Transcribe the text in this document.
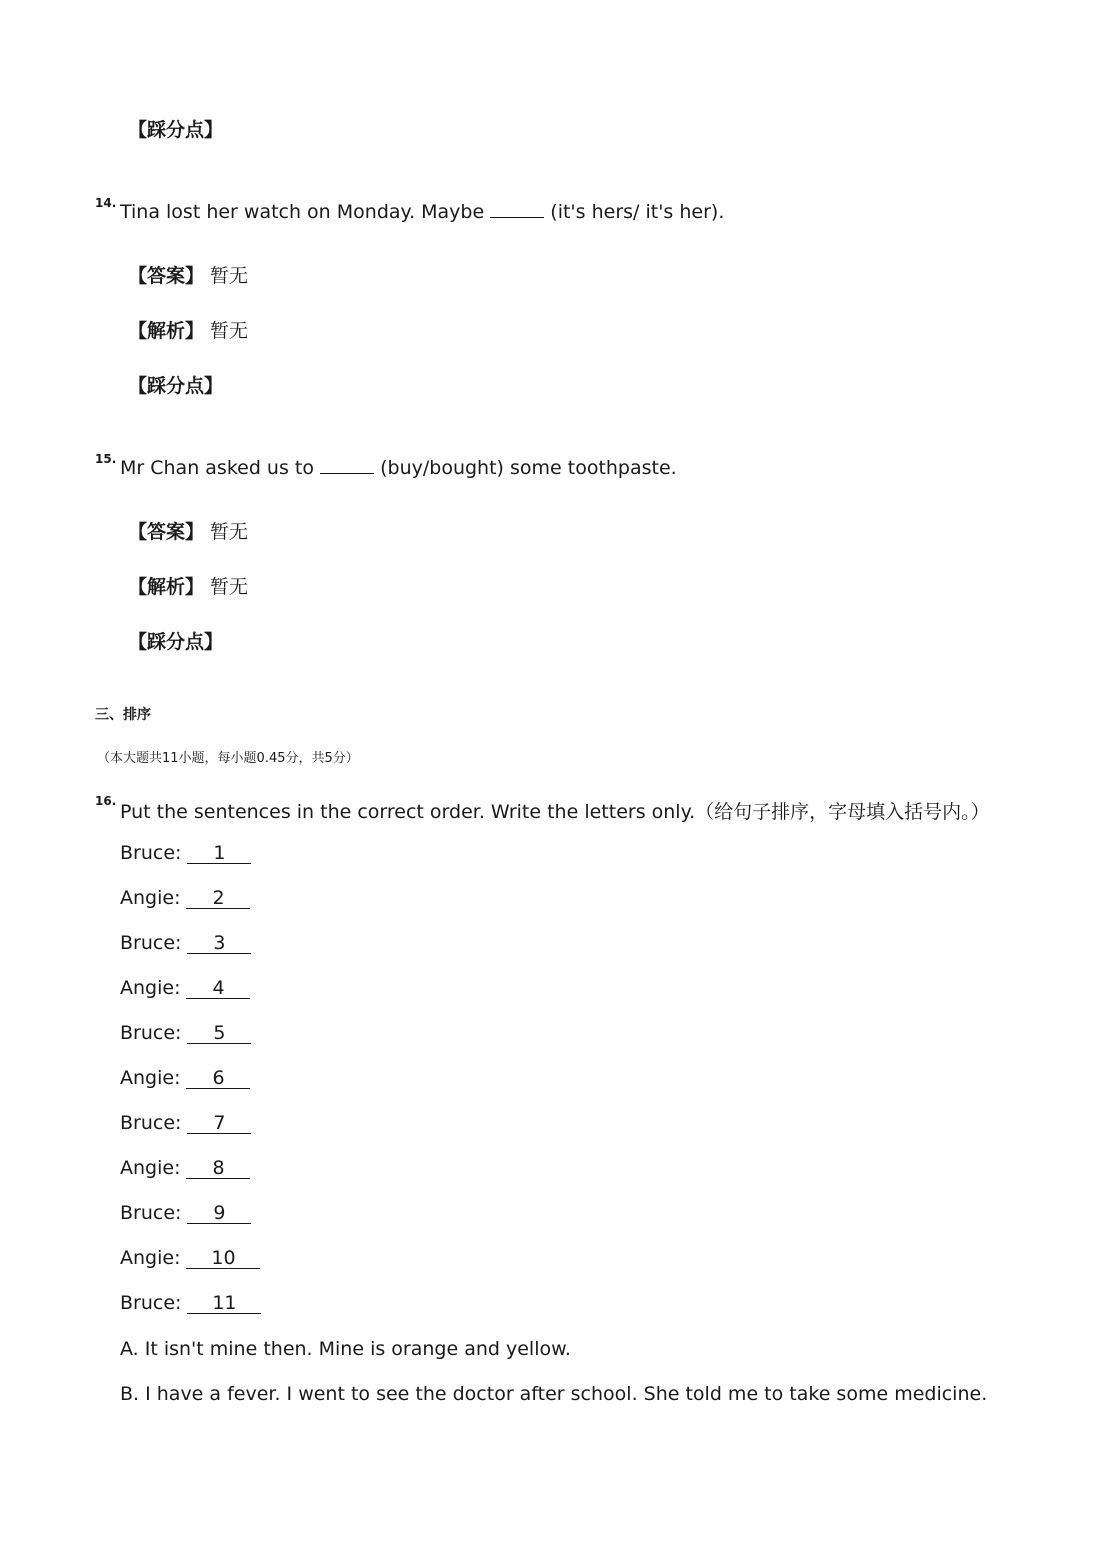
【踩分点】
14. Tina lost her watch on Monday. Maybe	(it's hers/ it's her).
【答案】 暂无
【解析】 暂无
【踩分点】
15. Mr Chan asked us to	(buy/bought) some toothpaste.
【答案】 暂无
【解析】 暂无
【踩分点】
三、排序
（本大题共11小题，每小题0.45分，共5分）
16. Put the sentences in the correct order. Write the letters only.（给句子排序，字母填入括号内。）
Bruce: 1
Angie: 2
Bruce: 3
Angie: 4
Bruce: 5
Angie: 6
Bruce: 7
Angie: 8
Bruce: 9
Angie: 10
Bruce: 11
A. It isn't mine then. Mine is orange and yellow.
B. I have a fever. I went to see the doctor after school. She told me to take some medicine.
